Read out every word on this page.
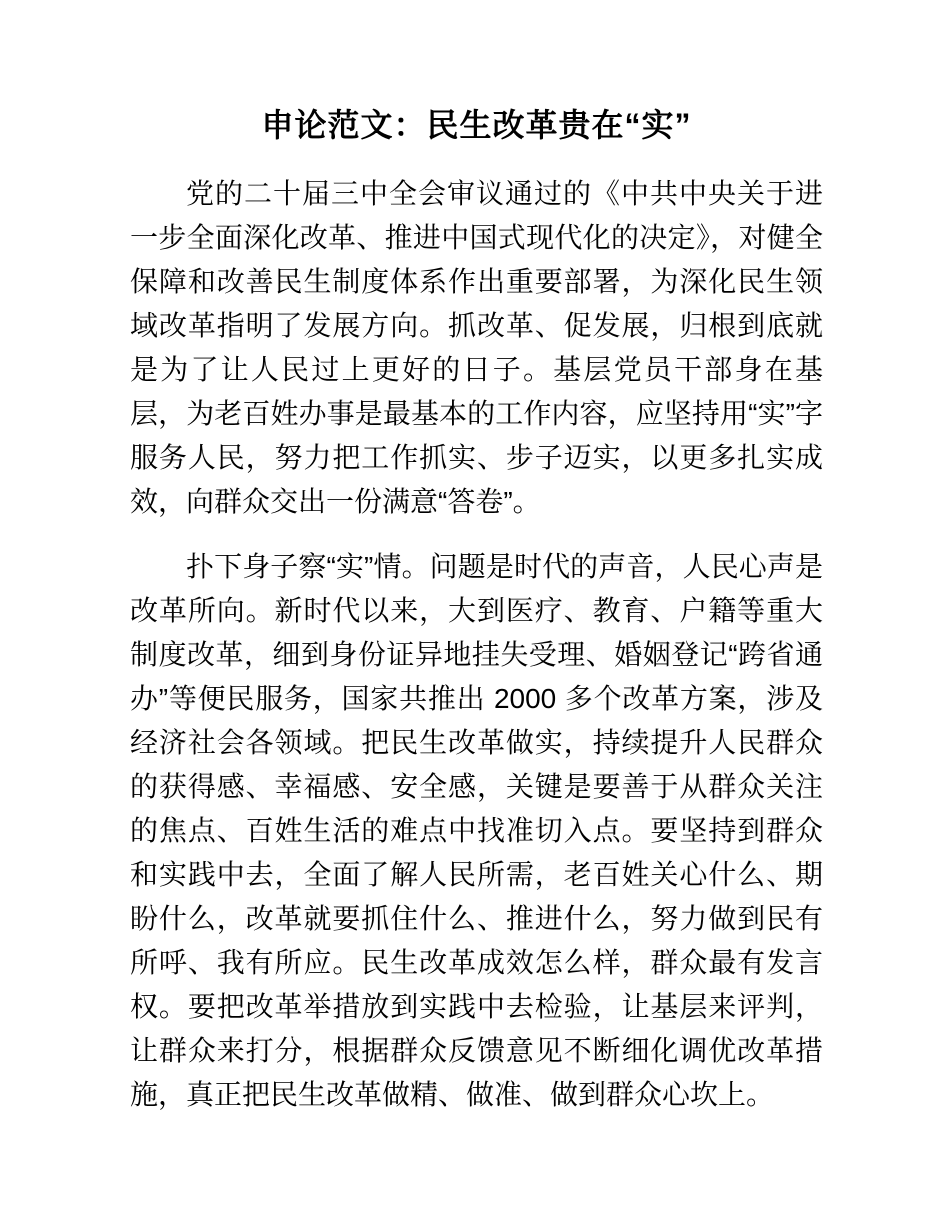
申论范文：民生改革贵在“实”

党的二十届三中全会审议通过的《中共中央关于进一步全面深化改革、推进中国式现代化的决定》，对健全保障和改善民生制度体系作出重要部署，为深化民生领域改革指明了发展方向。抓改革、促发展，归根到底就是为了让人民过上更好的日子。基层党员干部身在基层，为老百姓办事是最基本的工作内容，应坚持用“实”字服务人民，努力把工作抓实、步子迈实，以更多扎实成效，向群众交出一份满意“答卷”。

扑下身子察“实”情。问题是时代的声音，人民心声是改革所向。新时代以来，大到医疗、教育、户籍等重大制度改革，细到身份证异地挂失受理、婚姻登记“跨省通办”等便民服务，国家共推出 2000 多个改革方案，涉及经济社会各领域。把民生改革做实，持续提升人民群众的获得感、幸福感、安全感，关键是要善于从群众关注的焦点、百姓生活的难点中找准切入点。要坚持到群众和实践中去，全面了解人民所需，老百姓关心什么、期盼什么，改革就要抓住什么、推进什么，努力做到民有所呼、我有所应。民生改革成效怎么样，群众最有发言权。要把改革举措放到实践中去检验，让基层来评判，让群众来打分，根据群众反馈意见不断细化调优改革措施，真正把民生改革做精、做准、做到群众心坎上。
